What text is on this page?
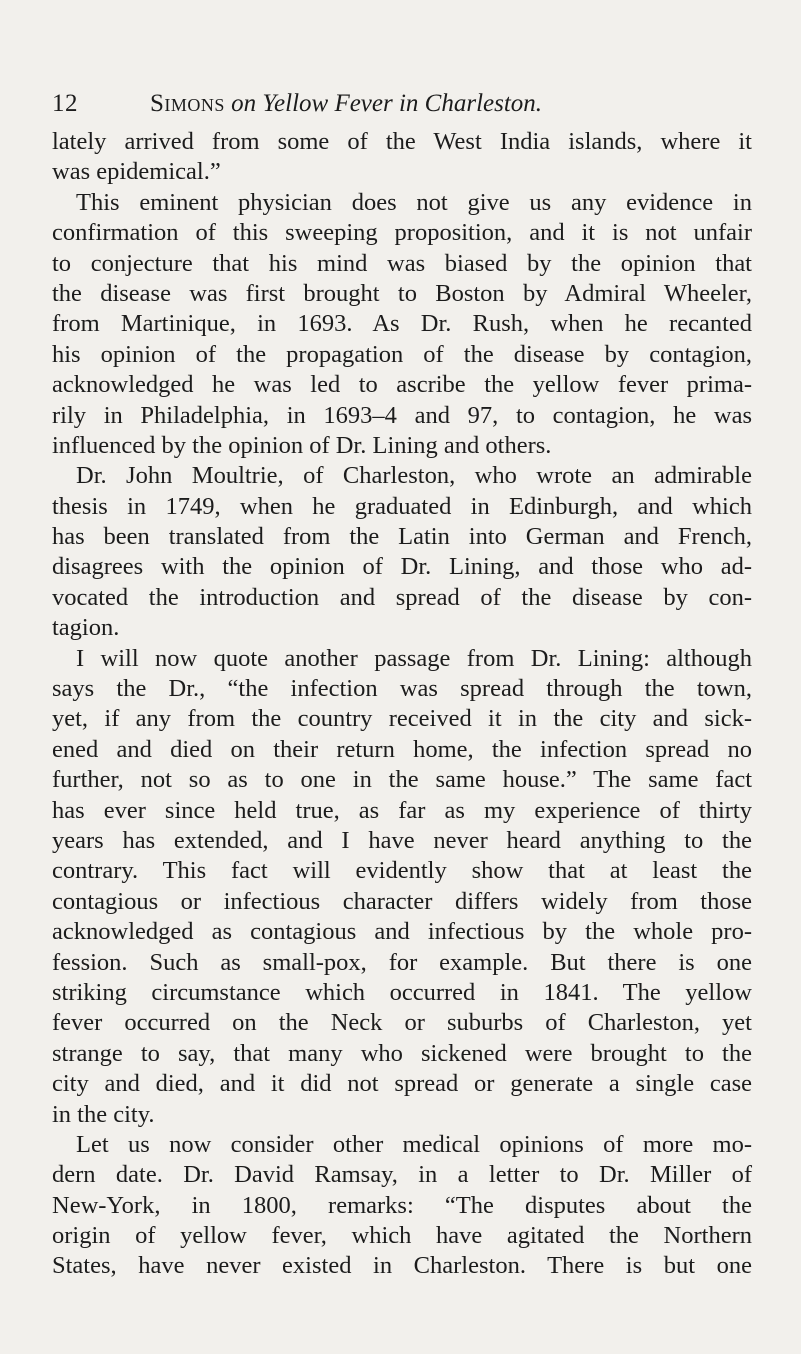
12	Simons on Yellow Fever in Charleston.
lately arrived from some of the West India islands, where it
was epidemical.”
This eminent physician does not give us any evidence in
confirmation of this sweeping proposition, and it is not unfair
to conjecture that his mind was biased by the opinion that
the disease was first brought to Boston by Admiral Wheeler,
from Martinique, in 1693. As Dr. Rush, when he recanted
his opinion of the propagation of the disease by contagion,
acknowledged he was led to ascribe the yellow fever prima-
rily in Philadelphia, in 1693–4 and 97, to contagion, he was
influenced by the opinion of Dr. Lining and others.
Dr. John Moultrie, of Charleston, who wrote an admirable
thesis in 1749, when he graduated in Edinburgh, and which
has been translated from the Latin into German and French,
disagrees with the opinion of Dr. Lining, and those who ad-
vocated the introduction and spread of the disease by con-
tagion.
I will now quote another passage from Dr. Lining: although
says the Dr., “the infection was spread through the town,
yet, if any from the country received it in the city and sick-
ened and died on their return home, the infection spread no
further, not so as to one in the same house.” The same fact
has ever since held true, as far as my experience of thirty
years has extended, and I have never heard anything to the
contrary. This fact will evidently show that at least the
contagious or infectious character differs widely from those
acknowledged as contagious and infectious by the whole pro-
fession. Such as small-pox, for example. But there is one
striking circumstance which occurred in 1841. The yellow
fever occurred on the Neck or suburbs of Charleston, yet
strange to say, that many who sickened were brought to the
city and died, and it did not spread or generate a single case
in the city.
Let us now consider other medical opinions of more mo-
dern date. Dr. David Ramsay, in a letter to Dr. Miller of
New-York, in 1800, remarks: “The disputes about the
origin of yellow fever, which have agitated the Northern
States, have never existed in Charleston. There is but one
